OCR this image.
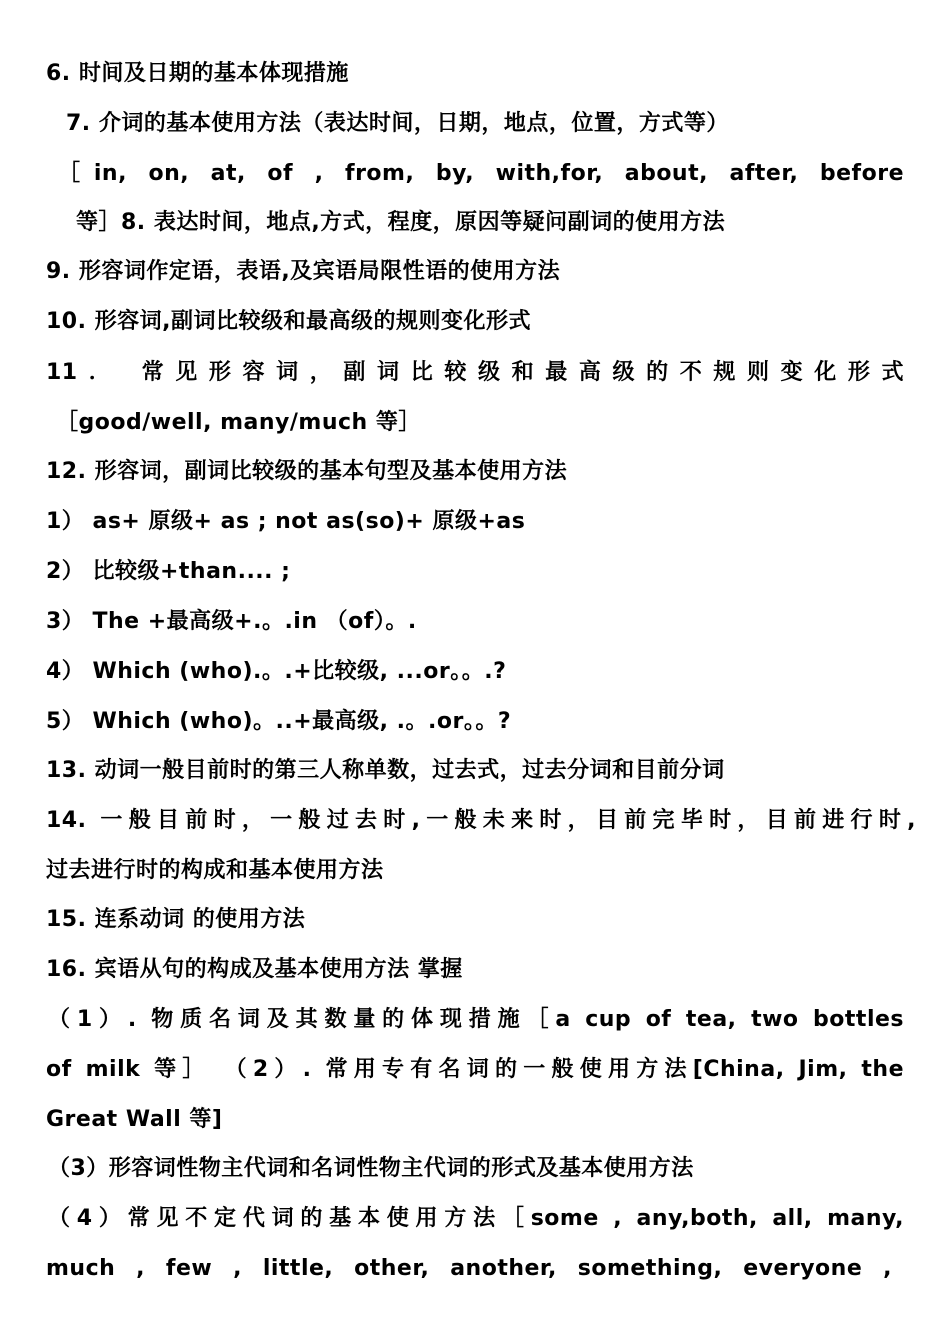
6. 时间及日期的基本体现措施
7. 介词的基本使用方法（表达时间，日期，地点，位置，方式等）
［in, on, at, of , from, by, with,for, about, after, before
等］8. 表达时间，地点,方式，程度，原因等疑问副词的使用方法
9. 形容词作定语，表语,及宾语局限性语的使用方法
10. 形容词,副词比较级和最高级的规则变化形式
11． 常见形容词，副词比较级和最高级的不规则变化形式
［good/well, many/much 等］
12. 形容词，副词比较级的基本句型及基本使用方法
1） as+ 原级+ as ; not as(so)+ 原级+as
2） 比较级+than.... ;
3） The +最高级+.。.in （of）。.
4） Which (who).。.+比较级, ...or。。.?
5） Which (who)。..+最高级, .。.or。。?
13. 动词一般目前时的第三人称单数，过去式，过去分词和目前分词
14. 一般目前时，一般过去时,一般未来时，目前完毕时，目前进行时,
过去进行时的构成和基本使用方法
15. 连系动词 的使用方法
16. 宾语从句的构成及基本使用方法 掌握
（1）. 物质名词及其数量的体现措施［a cup of tea, two bottles
of milk 等］ （2）. 常用专有名词的一般使用方法[China, Jim, the
Great Wall 等]
（3）形容词性物主代词和名词性物主代词的形式及基本使用方法
（4）常见不定代词的基本使用方法［some , any,both, all, many,
much , few , little, other, another, something, everyone ,
